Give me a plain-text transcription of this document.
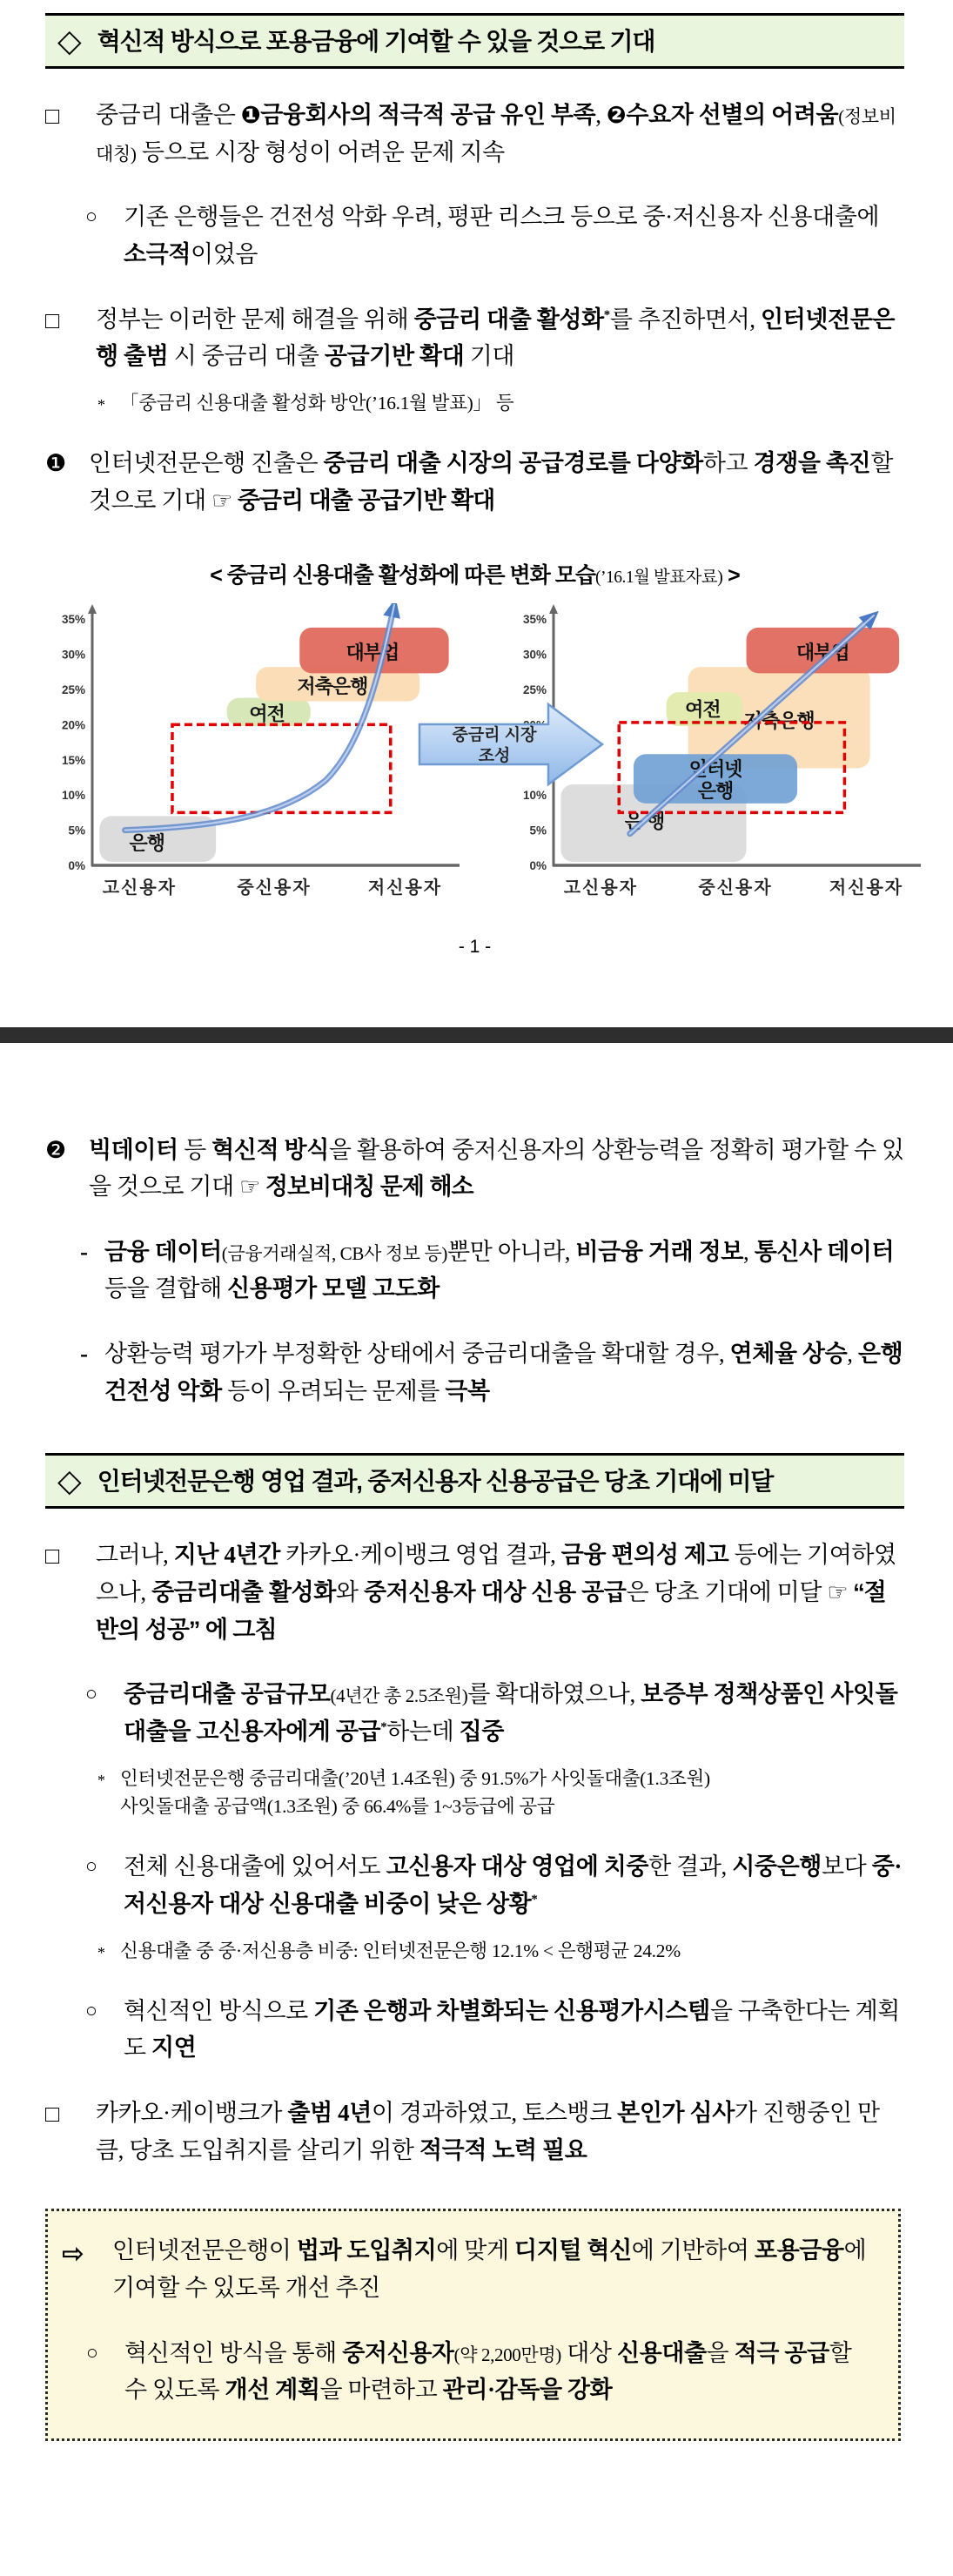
◇ 혁신적 방식으로 포용금융에 기여할 수 있을 것으로 기대
□	중금리 대출은 ❶금융회사의 적극적 공급 유인 부족, ❷수요자 선별의 어려움(정보비대칭) 등으로 시장 형성이 어려운 문제 지속
○	기존 은행들은 건전성 악화 우려, 평판 리스크 등으로 중·저신용자 신용대출에 소극적이었음
□	정부는 이러한 문제 해결을 위해 중금리 대출 활성화*를 추진하면서, 인터넷전문은행 출범 시 중금리 대출 공급기반 확대 기대
* 「중금리 신용대출 활성화 방안(’16.1월 발표)」 등
❶ 인터넷전문은행 진출은 중금리 대출 시장의 공급경로를 다양화하고 경쟁을 촉진할 것으로 기대 ☞ 중금리 대출 공급기반 확대
< 중금리 신용대출 활성화에 따른 변화 모습(’16.1월 발표자료) >
은행
여전
저축은행
대부업
0%
5%
10%
15%
20%
25%
30%
35%
고신용자	중신용자	저신용자
은 행
저축은행
여전
인터넷
은행
대부업
0%
5%
10%
25%
30%
35%
고신용자	중신용자	저신용자
중금리 시장
조성
- 1 -
❷ 빅데이터 등 혁신적 방식을 활용하여 중저신용자의 상환능력을 정확히 평가할 수 있을 것으로 기대 ☞ 정보비대칭 문제 해소
- 금융 데이터(금융거래실적, CB사 정보 등)뿐만 아니라, 비금융 거래 정보, 통신사 데이터 등을 결합해 신용평가 모델 고도화
- 상환능력 평가가 부정확한 상태에서 중금리대출을 확대할 경우, 연체율 상승, 은행 건전성 악화 등이 우려되는 문제를 극복
◇ 인터넷전문은행 영업 결과, 중저신용자 신용공급은 당초 기대에 미달
□	그러나, 지난 4년간 카카오·케이뱅크 영업 결과, 금융 편의성 제고 등에는 기여하였으나, 중금리대출 활성화와 중저신용자 대상 신용 공급은 당초 기대에 미달 ☞ “절반의 성공” 에 그침
○	중금리대출 공급규모(4년간 총 2.5조원)를 확대하였으나, 보증부 정책상품인 사잇돌대출을 고신용자에게 공급*하는데 집중
* 인터넷전문은행 중금리대출(’20년 1.4조원) 중 91.5%가 사잇돌대출(1.3조원)
사잇돌대출 공급액(1.3조원) 중 66.4%를 1~3등급에 공급
○	전체 신용대출에 있어서도 고신용자 대상 영업에 치중한 결과, 시중은행보다 중·저신용자 대상 신용대출 비중이 낮은 상황*
* 신용대출 중 중·저신용층 비중: 인터넷전문은행 12.1% < 은행평균 24.2%
○	혁신적인 방식으로 기존 은행과 차별화되는 신용평가시스템을 구축한다는 계획도 지연
□	카카오·케이뱅크가 출범 4년이 경과하였고, 토스뱅크 본인가 심사가 진행중인 만큼, 당초 도입취지를 살리기 위한 적극적 노력 필요
⇨	인터넷전문은행이 법과 도입취지에 맞게 디지털 혁신에 기반하여 포용금융에 기여할 수 있도록 개선 추진
○	혁신적인 방식을 통해 중저신용자(약 2,200만명) 대상 신용대출을 적극 공급할 수 있도록 개선 계획을 마련하고 관리·감독을 강화
